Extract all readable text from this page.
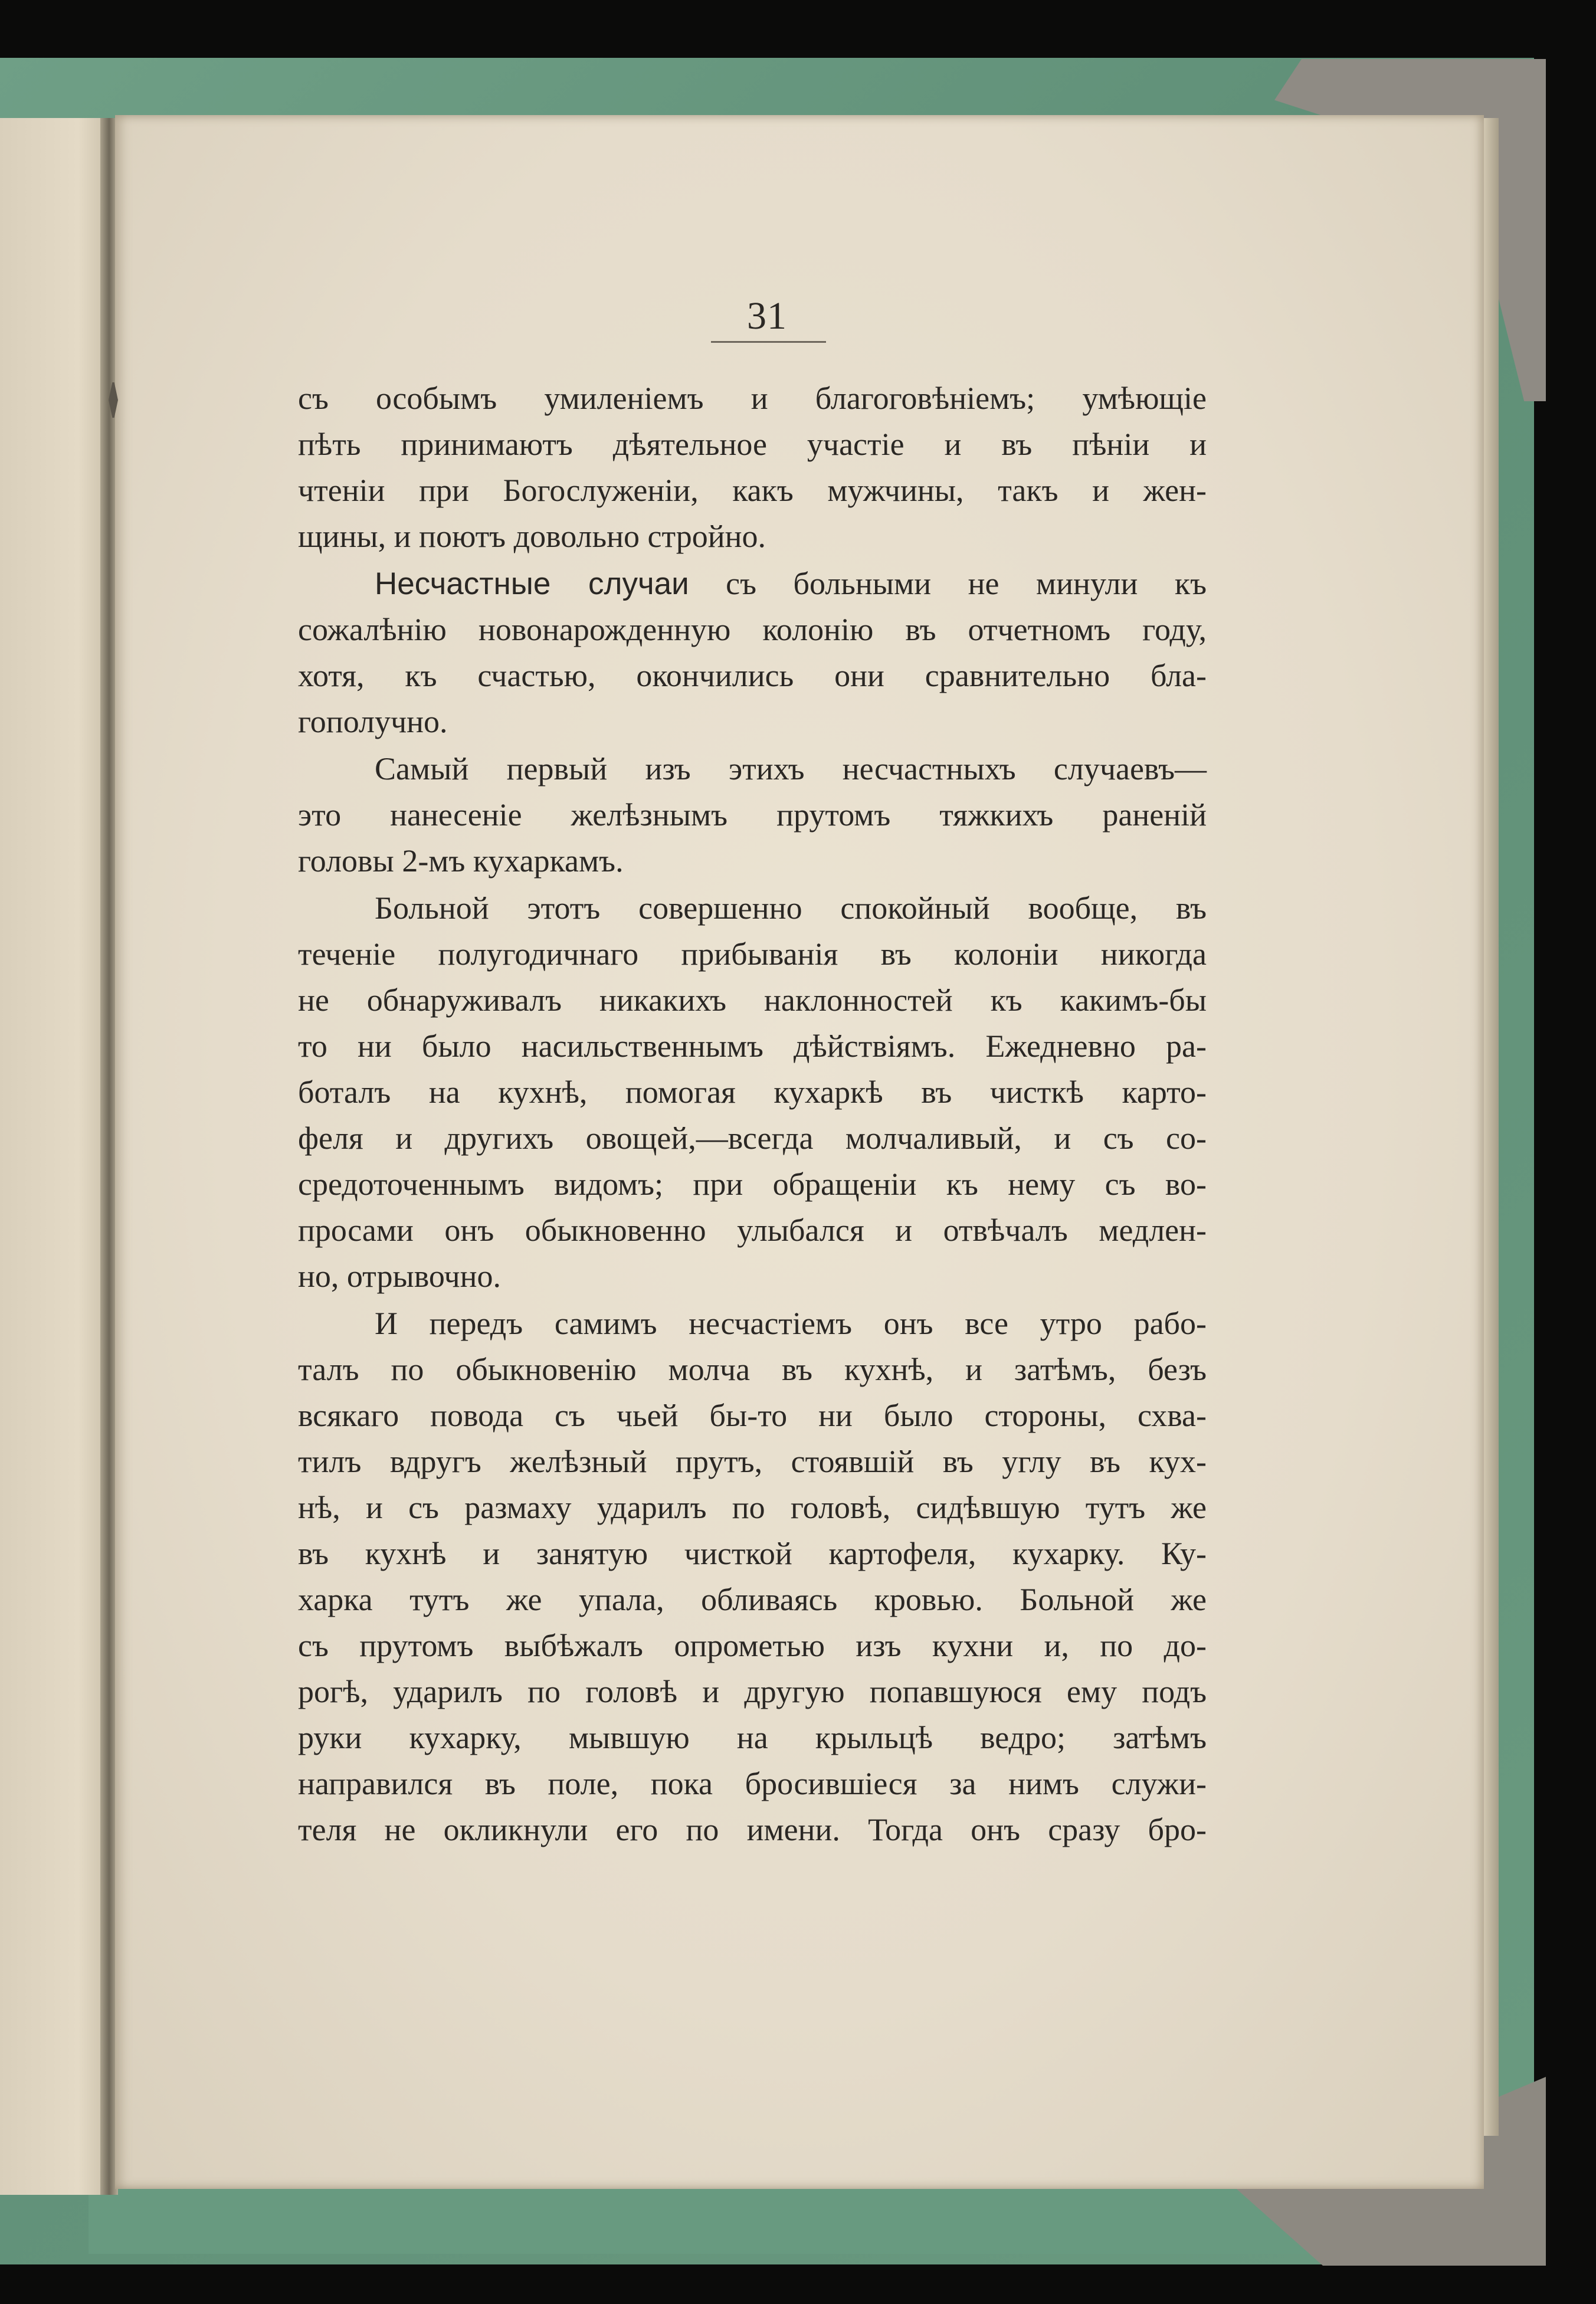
31
съ особымъ умиленіемъ и благоговѣніемъ; умѣющіе
пѣть принимаютъ дѣятельное участіе и въ пѣніи и
чтеніи при Богослуженіи, какъ мужчины, такъ и жен-
щины, и поютъ довольно стройно.
Несчастные случаи съ больными не минули къ
сожалѣнію новонарожденную колонію въ отчетномъ году,
хотя, къ счастью, окончились они сравнительно бла-
гополучно.
Самый первый изъ этихъ несчастныхъ случаевъ—
это нанесеніе желѣзнымъ прутомъ тяжкихъ раненій
головы 2-мъ кухаркамъ.
Больной этотъ совершенно спокойный вообще, въ
теченіе полугодичнаго прибыванія въ колоніи никогда
не обнаруживалъ никакихъ наклонностей къ какимъ-бы
то ни было насильственнымъ дѣйствіямъ. Ежедневно ра-
боталъ на кухнѣ, помогая кухаркѣ въ чисткѣ карто-
феля и другихъ овощей,—всегда молчаливый, и съ со-
средоточеннымъ видомъ; при обращеніи къ нему съ во-
просами онъ обыкновенно улыбался и отвѣчалъ медлен-
но, отрывочно.
И передъ самимъ несчастіемъ онъ все утро рабо-
талъ по обыкновенію молча въ кухнѣ, и затѣмъ, безъ
всякаго повода съ чьей бы-то ни было стороны, схва-
тилъ вдругъ желѣзный прутъ, стоявшій въ углу въ кух-
нѣ, и съ размаху ударилъ по головѣ, сидѣвшую тутъ же
въ кухнѣ и занятую чисткой картофеля, кухарку. Ку-
харка тутъ же упала, обливаясь кровью. Больной же
съ прутомъ выбѣжалъ опрометью изъ кухни и, по до-
рогѣ, ударилъ по головѣ и другую попавшуюся ему подъ
руки кухарку, мывшую на крыльцѣ ведро; затѣмъ
направился въ поле, пока бросившіеся за нимъ служи-
теля не окликнули его по имени. Тогда онъ сразу бро-
